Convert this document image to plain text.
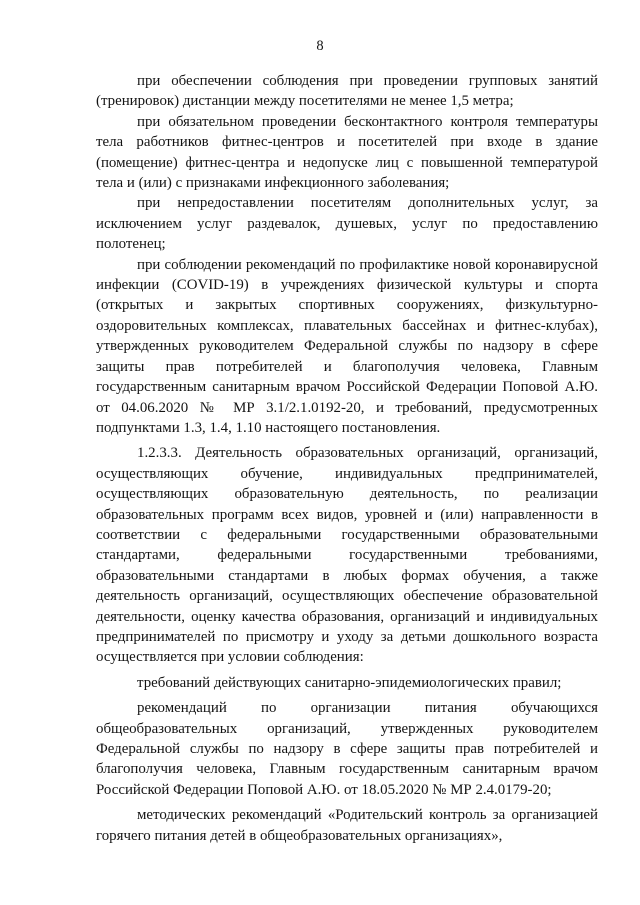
8

при обеспечении соблюдения при проведении групповых занятий (тренировок) дистанции между посетителями не менее 1,5 метра;

при обязательном проведении бесконтактного контроля температуры тела работников фитнес-центров и посетителей при входе в здание (помещение) фитнес-центра и недопуске лиц с повышенной температурой тела и (или) с признаками инфекционного заболевания;

при непредоставлении посетителям дополнительных услуг, за исключением услуг раздевалок, душевых, услуг по предоставлению полотенец;

при соблюдении рекомендаций по профилактике новой коронавирусной инфекции (COVID-19) в учреждениях физической культуры и спорта (открытых и закрытых спортивных сооружениях, физкультурно-оздоровительных комплексах, плавательных бассейнах и фитнес-клубах), утвержденных руководителем Федеральной службы по надзору в сфере защиты прав потребителей и благополучия человека, Главным государственным санитарным врачом Российской Федерации Поповой А.Ю. от 04.06.2020 № МР 3.1/2.1.0192-20, и требований, предусмотренных подпунктами 1.3, 1.4, 1.10 настоящего постановления.

1.2.3.3. Деятельность образовательных организаций, организаций, осуществляющих обучение, индивидуальных предпринимателей, осуществляющих образовательную деятельность, по реализации образовательных программ всех видов, уровней и (или) направленности в соответствии с федеральными государственными образовательными стандартами, федеральными государственными требованиями, образовательными стандартами в любых формах обучения, а также деятельность организаций, осуществляющих обеспечение образовательной деятельности, оценку качества образования, организаций и индивидуальных предпринимателей по присмотру и уходу за детьми дошкольного возраста осуществляется при условии соблюдения:

требований действующих санитарно-эпидемиологических правил;

рекомендаций по организации питания обучающихся общеобразовательных организаций, утвержденных руководителем Федеральной службы по надзору в сфере защиты прав потребителей и благополучия человека, Главным государственным санитарным врачом Российской Федерации Поповой А.Ю. от 18.05.2020 № МР 2.4.0179-20;

методических рекомендаций «Родительский контроль за организацией горячего питания детей в общеобразовательных организациях»,
